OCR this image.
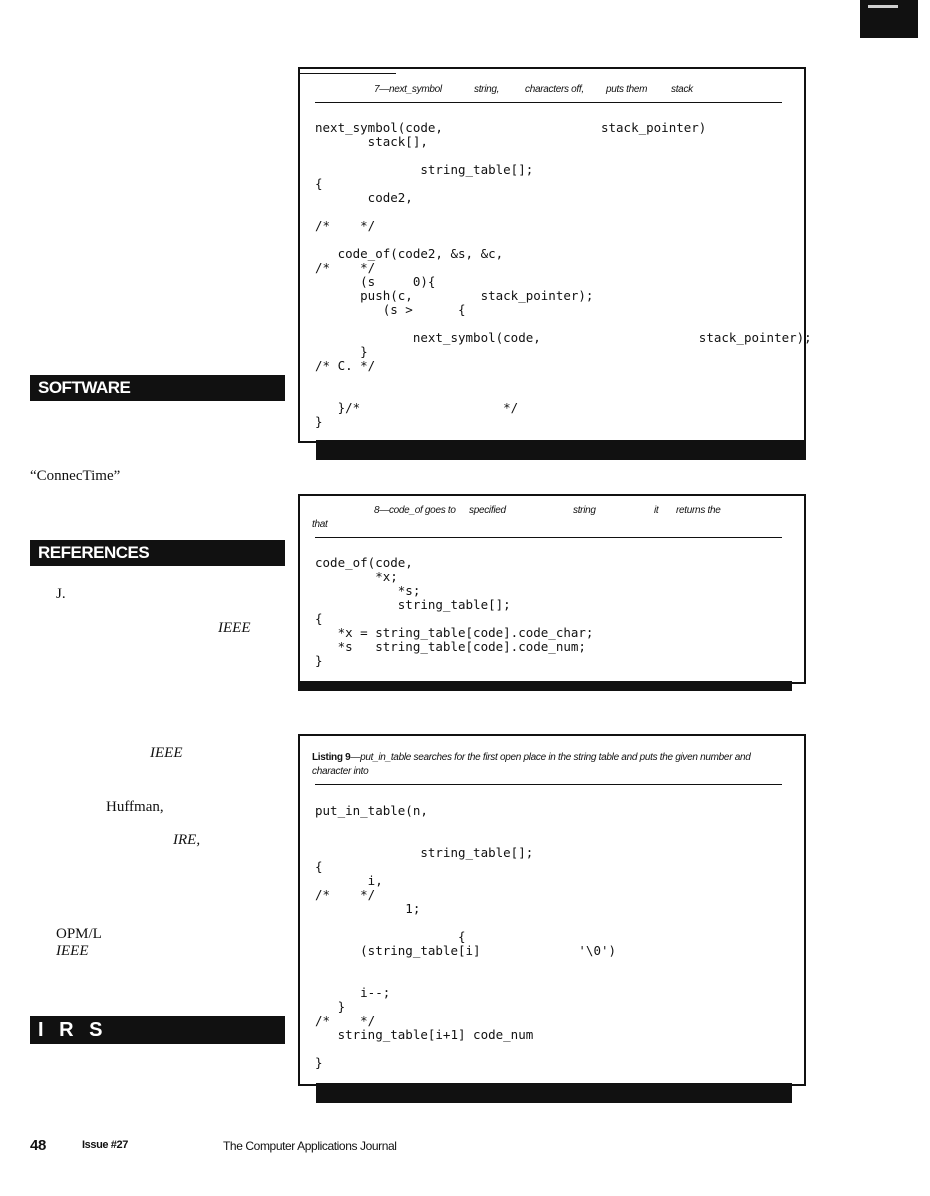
7—next_symbol	string,	characters off, puts them stack
next_symbol(code,                     stack_pointer)
stack[],

string_table[];
{
code2,

/*    */

code_of(code2, &s, &c,
/*    */
(s     0){
push(c,         stack_pointer);
(s >      {

next_symbol(code,                     stack_pointer);
}
/* C. */

}/*                   */
}
8—code_of goes to specified	string	it returns the
that
code_of(code,
*x;
*s;
string_table[];
{
*x = string_table[code].code_char;
*s   string_table[code].code_num;
}
Listing 9—put_in_table searches for the first open place in the string table and puts the given number and
character into
put_in_table(n,

string_table[];
{
i,
/*    */
1;

{
(string_table[i]             '\0')

i--;
}
/*    */
string_table[i+1] code_num

}
SOFTWARE
“ConnecTime”
REFERENCES
J.
IEEE
IEEE
Huffman,
IRE,
OPM/L
IEEE
I R S
48	Issue #27	The Computer Applications Journal
